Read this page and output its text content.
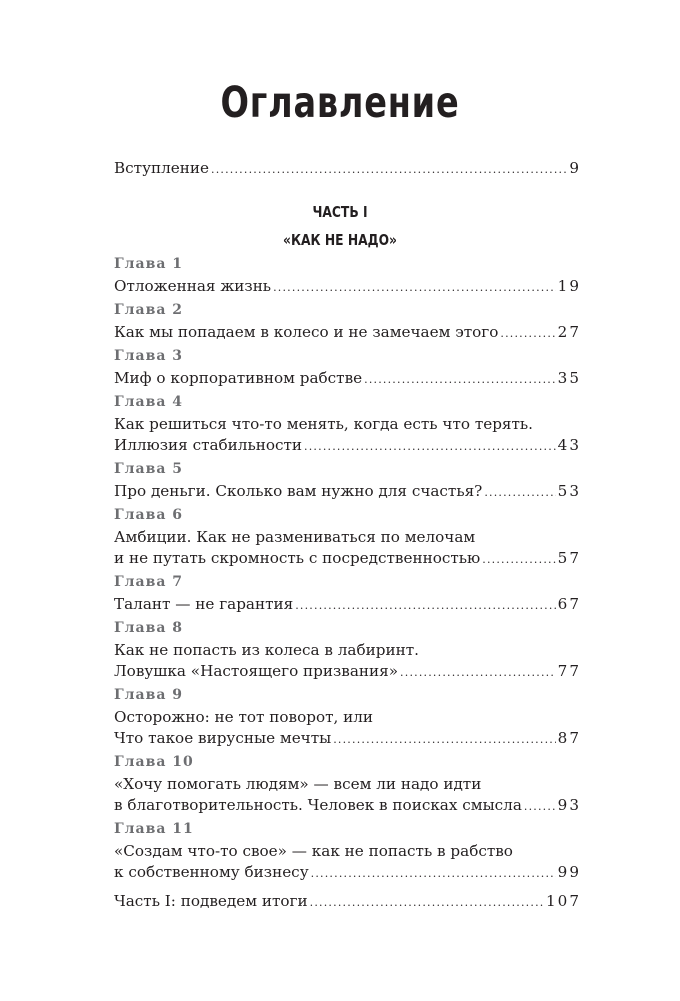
Оглавление
Вступление .....	9
ЧАСТЬ I
«КАК НЕ НАДО»
Глава 1
Отложенная жизнь .....	19
Глава 2
Как мы попадаем в колесо и не замечаем этого .....	27
Глава 3
Миф о корпоративном рабстве .....	35
Глава 4
Как решиться что-то менять, когда есть что терять.
Иллюзия стабильности .....	43
Глава 5
Про деньги. Сколько вам нужно для счастья? .....	53
Глава 6
Амбиции. Как не размениваться по мелочам
и не путать скромность с посредственностью .....	57
Глава 7
Талант — не гарантия .....	67
Глава 8
Как не попасть из колеса в лабиринт.
Ловушка «Настоящего призвания» .....	77
Глава 9
Осторожно: не тот поворот, или
Что такое вирусные мечты .....	87
Глава 10
«Хочу помогать людям» — всем ли надо идти
в благотворительность. Человек в поисках смысла ..... 93
Глава 11
«Создам что-то свое» — как не попасть в рабство
к собственному бизнесу .....	99
Часть I: подведем итоги .....	107
